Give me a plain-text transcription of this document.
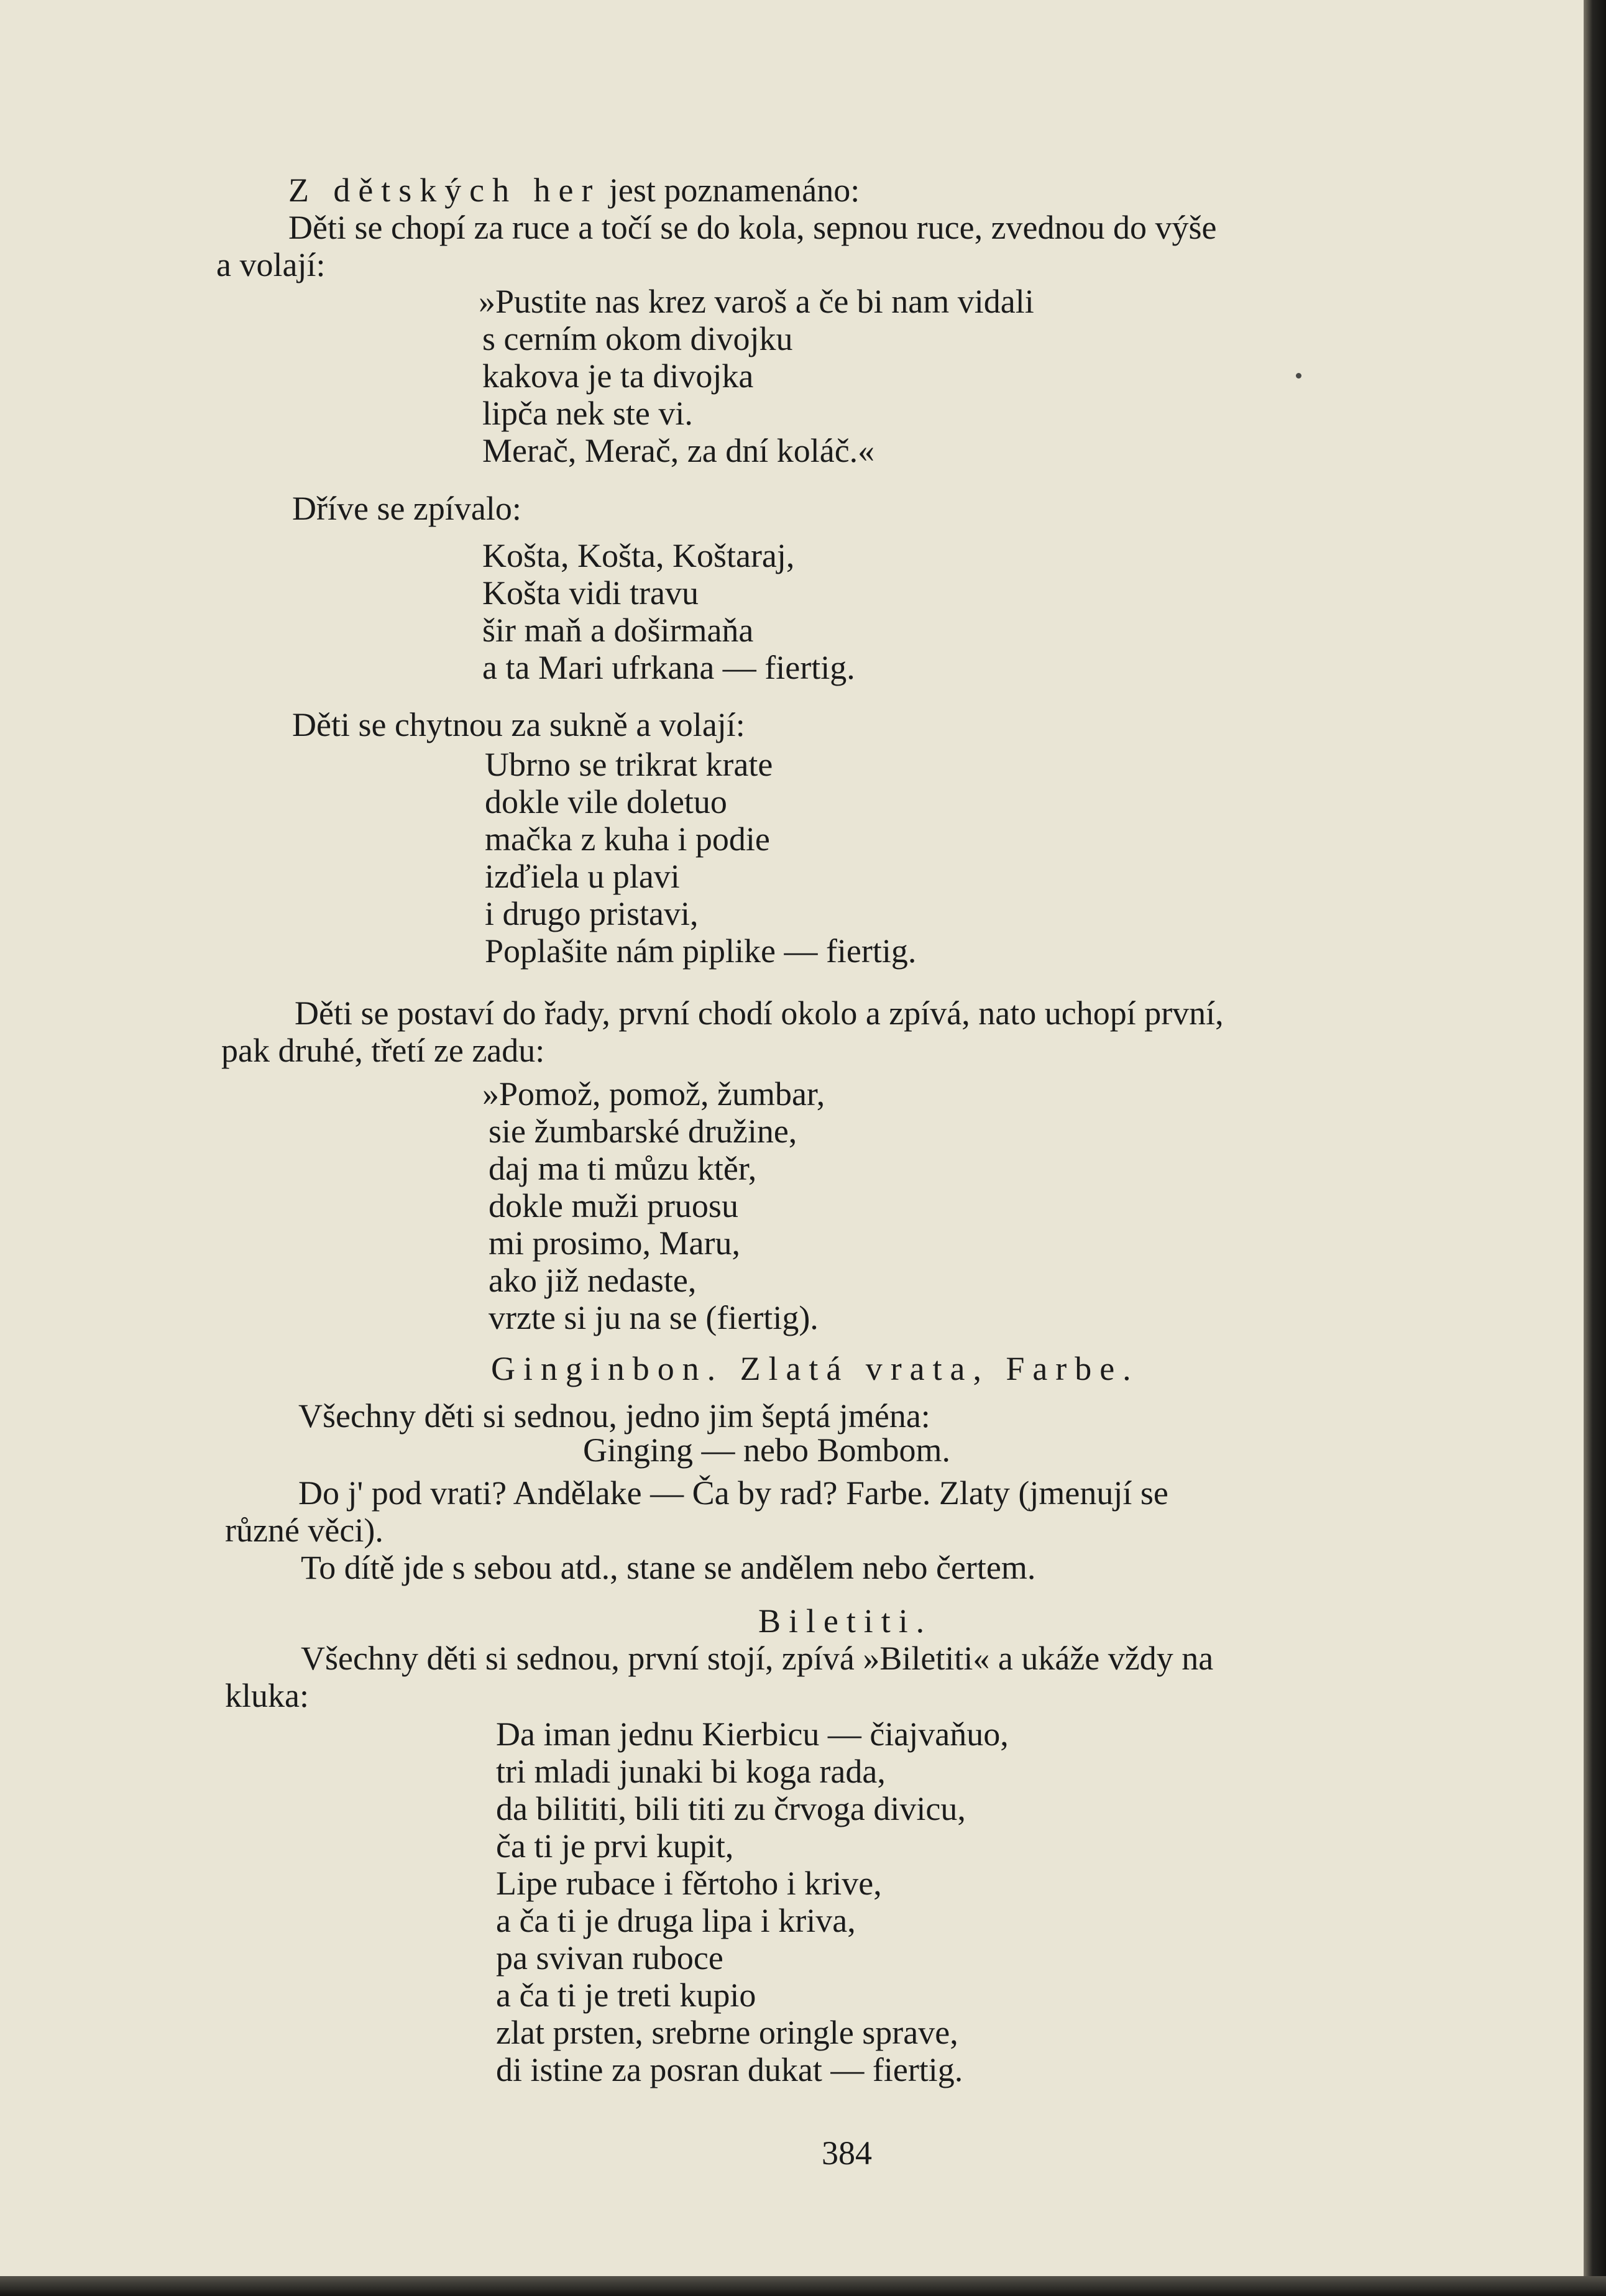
Z dětských her jest poznamenáno:
Děti se chopí za ruce a točí se do kola, sepnou ruce, zvednou do výše
a volají:
»Pustite nas krez varoš a če bi nam vidali
s cerním okom divojku
kakova je ta divojka
lipča nek ste vi.
Merač, Merač, za dní koláč.«
Dříve se zpívalo:
Košta, Košta, Koštaraj,
Košta vidi travu
šir maň a doširmaňa
a ta Mari ufrkana — fiertig.
Děti se chytnou za sukně a volají:
Ubrno se trikrat krate
dokle vile doletuo
mačka z kuha i podie
izďiela u plavi
i drugo pristavi,
Poplašite nám piplike — fiertig.
Děti se postaví do řady, první chodí okolo a zpívá, nato uchopí první,
pak druhé, třetí ze zadu:
»Pomož, pomož, žumbar,
sie žumbarské družine,
daj ma ti můzu ktěr,
dokle muži pruosu
mi prosimo, Maru,
ako již nedaste,
vrzte si ju na se (fiertig).
Ginginbon. Zlatá vrata, Farbe.
Všechny děti si sednou, jedno jim šeptá jména:
Ginging — nebo Bombom.
Do j' pod vrati? Andělake — Ča by rad? Farbe. Zlaty (jmenují se
různé věci).
To dítě jde s sebou atd., stane se andělem nebo čertem.
Biletiti.
Všechny děti si sednou, první stojí, zpívá »Biletiti« a ukáže vždy na
kluka:
Da iman jednu Kierbicu — čiajvaňuo,
tri mladi junaki bi koga rada,
da bilititi, bili titi zu črvoga divicu,
ča ti je prvi kupit,
Lipe rubace i fěrtoho i krive,
a ča ti je druga lipa i kriva,
pa svivan ruboce
a ča ti je treti kupio
zlat prsten, srebrne oringle sprave,
di istine za posran dukat — fiertig.
384
